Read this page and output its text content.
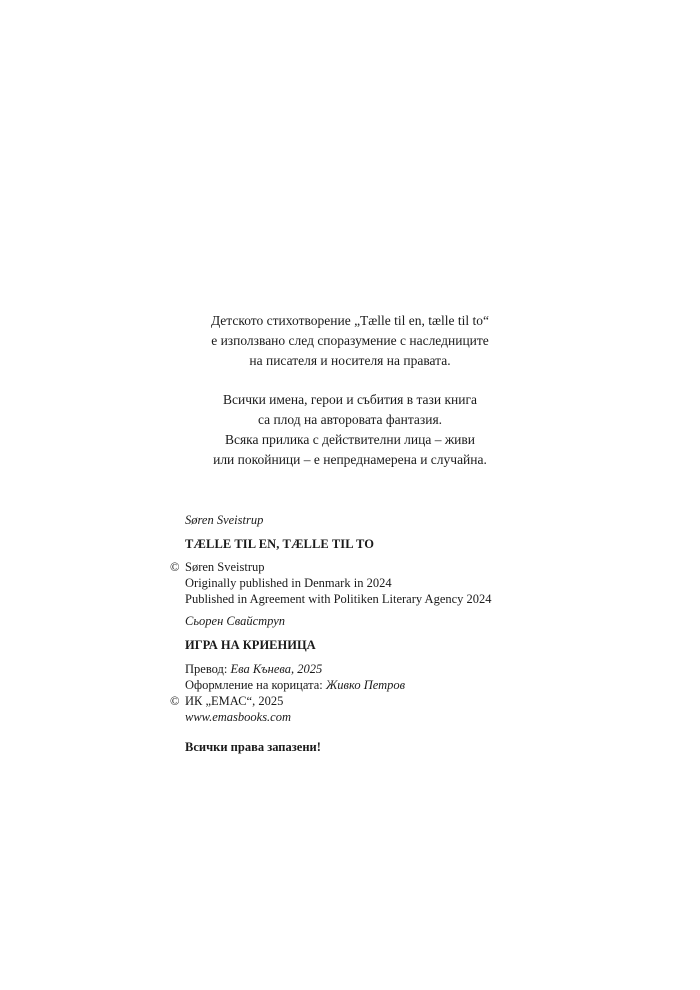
Детското стихотворение „Tælle til en, tælle til to“
е използвано след споразумение с наследниците
на писателя и носителя на правата.

Всички имена, герои и събития в тази книга
са плод на авторовата фантазия.
Всяка прилика с действителни лица – живи
или покойници – е непреднамерена и случайна.

Søren Sveistrup
TÆLLE TIL EN, TÆLLE TIL TO
© Søren Sveistrup
Originally published in Denmark in 2024
Published in Agreement with Politiken Literary Agency 2024
Сьорен Свайструп
ИГРА НА КРИЕНИЦА
Превод: Ева Кънева, 2025
Оформление на корицата: Живко Петров
© ИК „ЕМАС“, 2025
www.emasbooks.com
Всички права запазени!
